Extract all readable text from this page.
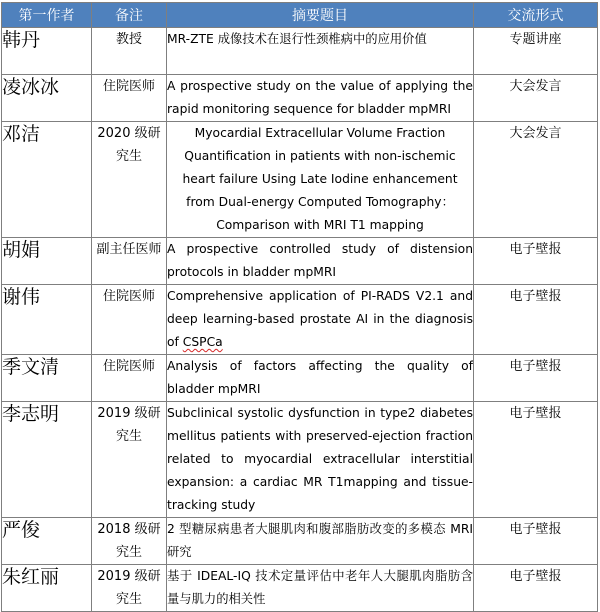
第一作者	备注	摘要题目	交流形式
韩丹	教授	MR-ZTE 成像技术在退行性颈椎病中的应用价值	专题讲座
凌冰冰	住院医师	A prospective study on the value of applying the rapid monitoring sequence for bladder mpMRI	大会发言
邓洁	2020 级研究生	Myocardial Extracellular Volume Fraction Quantification in patients with non-ischemic heart failure Using Late Iodine enhancement from Dual-energy Computed Tomography：Comparison with MRI T1 mapping	大会发言
胡娟	副主任医师	A prospective controlled study of distension protocols in bladder mpMRI	电子壁报
谢伟	住院医师	Comprehensive application of PI-RADS V2.1 and deep learning-based prostate AI in the diagnosis of CSPCa	电子壁报
季文清	住院医师	Analysis of factors affecting the quality of bladder mpMRI	电子壁报
李志明	2019 级研究生	Subclinical systolic dysfunction in type2 diabetes mellitus patients with preserved-ejection fraction related to myocardial extracellular interstitial expansion: a cardiac MR T1mapping and tissue-tracking study	电子壁报
严俊	2018 级研究生	2 型糖尿病患者大腿肌肉和腹部脂肪改变的多模态 MRI 研究	电子壁报
朱红丽	2019 级研究生	基于 IDEAL-IQ 技术定量评估中老年人大腿肌肉脂肪含量与肌力的相关性	电子壁报
